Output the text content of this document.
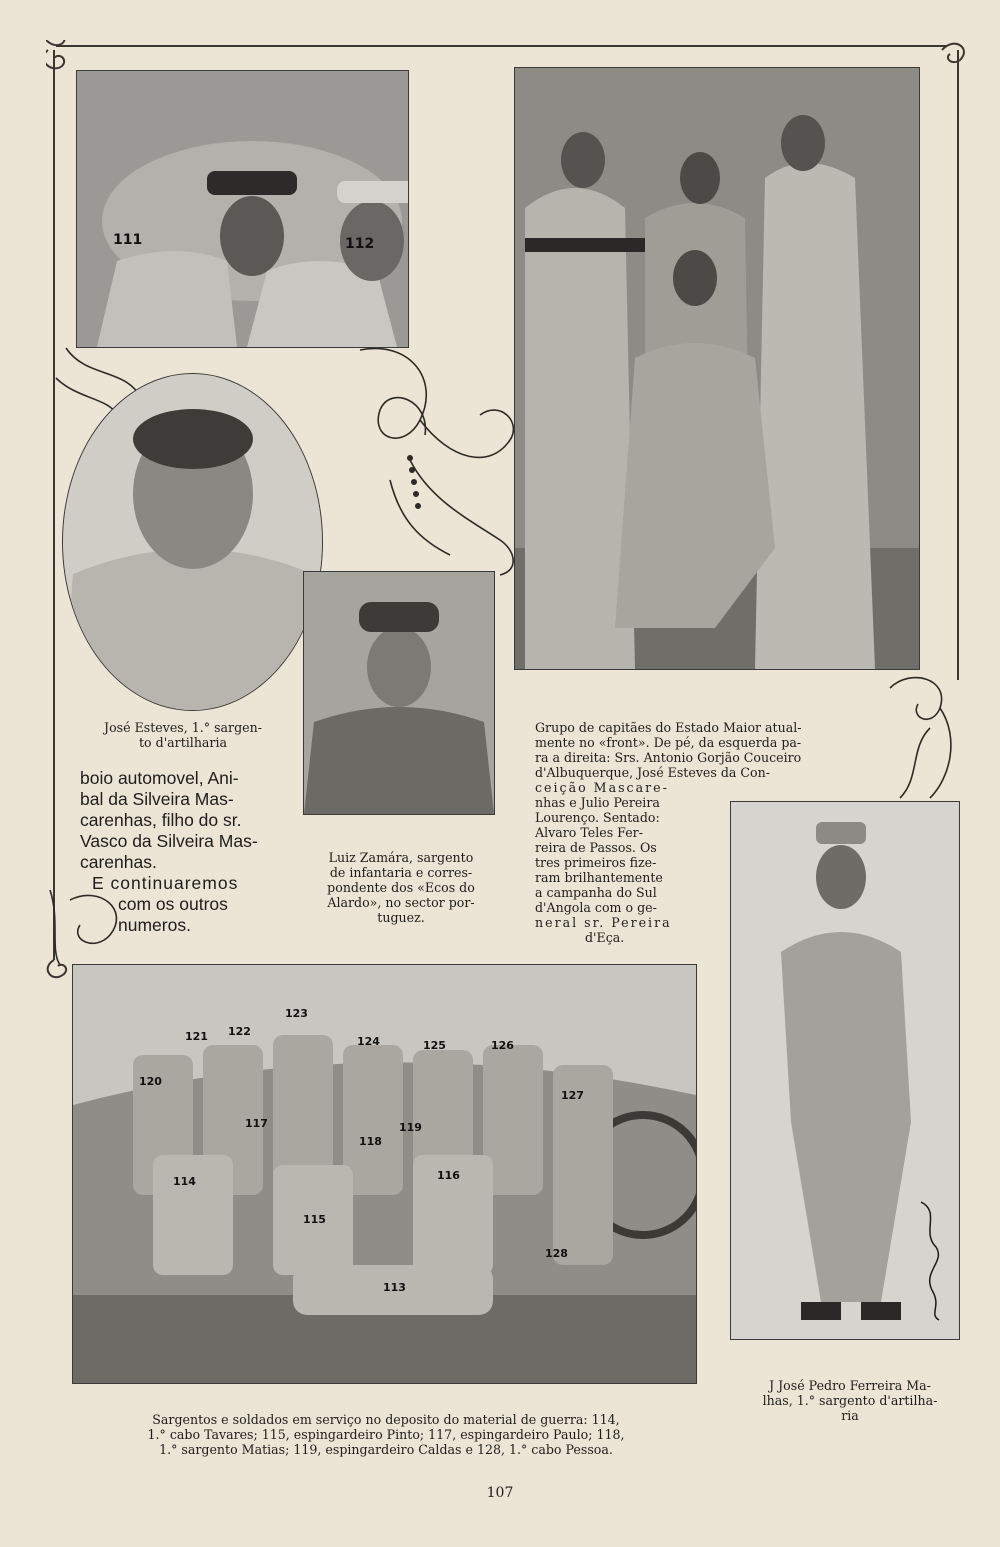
111	112
121 122
123
124	125	126
127
120
117
118
119
116
114
115
113
128
José Esteves, 1.° sargen-
to d'artilharia
boio automovel, Ani-
bal da Silveira Mas-
carenhas, filho do sr.
Vasco da Silveira Mas-
carenhas.
E continuaremos
com os outros
numeros.
Luiz Zamára, sargento
de infantaria e corres-
pondente dos «Ecos do
Alardo», no sector por-
tuguez.
Grupo de capitães do Estado Maior atual-
mente no «front». De pé, da esquerda pa-
ra a direita: Srs. Antonio Gorjão Couceiro
d'Albuquerque, José Esteves da Con-
ceição Mascare-
nhas e Julio Pereira
Lourenço. Sentado:
Alvaro Teles Fer-
reira de Passos. Os
tres primeiros fize-
ram brilhantemente
a campanha do Sul
d'Angola com o ge-
neral sr. Pereira
d'Eça.
J José Pedro Ferreira Ma-
lhas, 1.° sargento d'artilha-
ria
Sargentos e soldados em serviço no deposito do material de guerra: 114,
1.° cabo Tavares; 115, espingardeiro Pinto; 117, espingardeiro Paulo; 118,
1.° sargento Matias; 119, espingardeiro Caldas e 128, 1.° cabo Pessoa.
107
